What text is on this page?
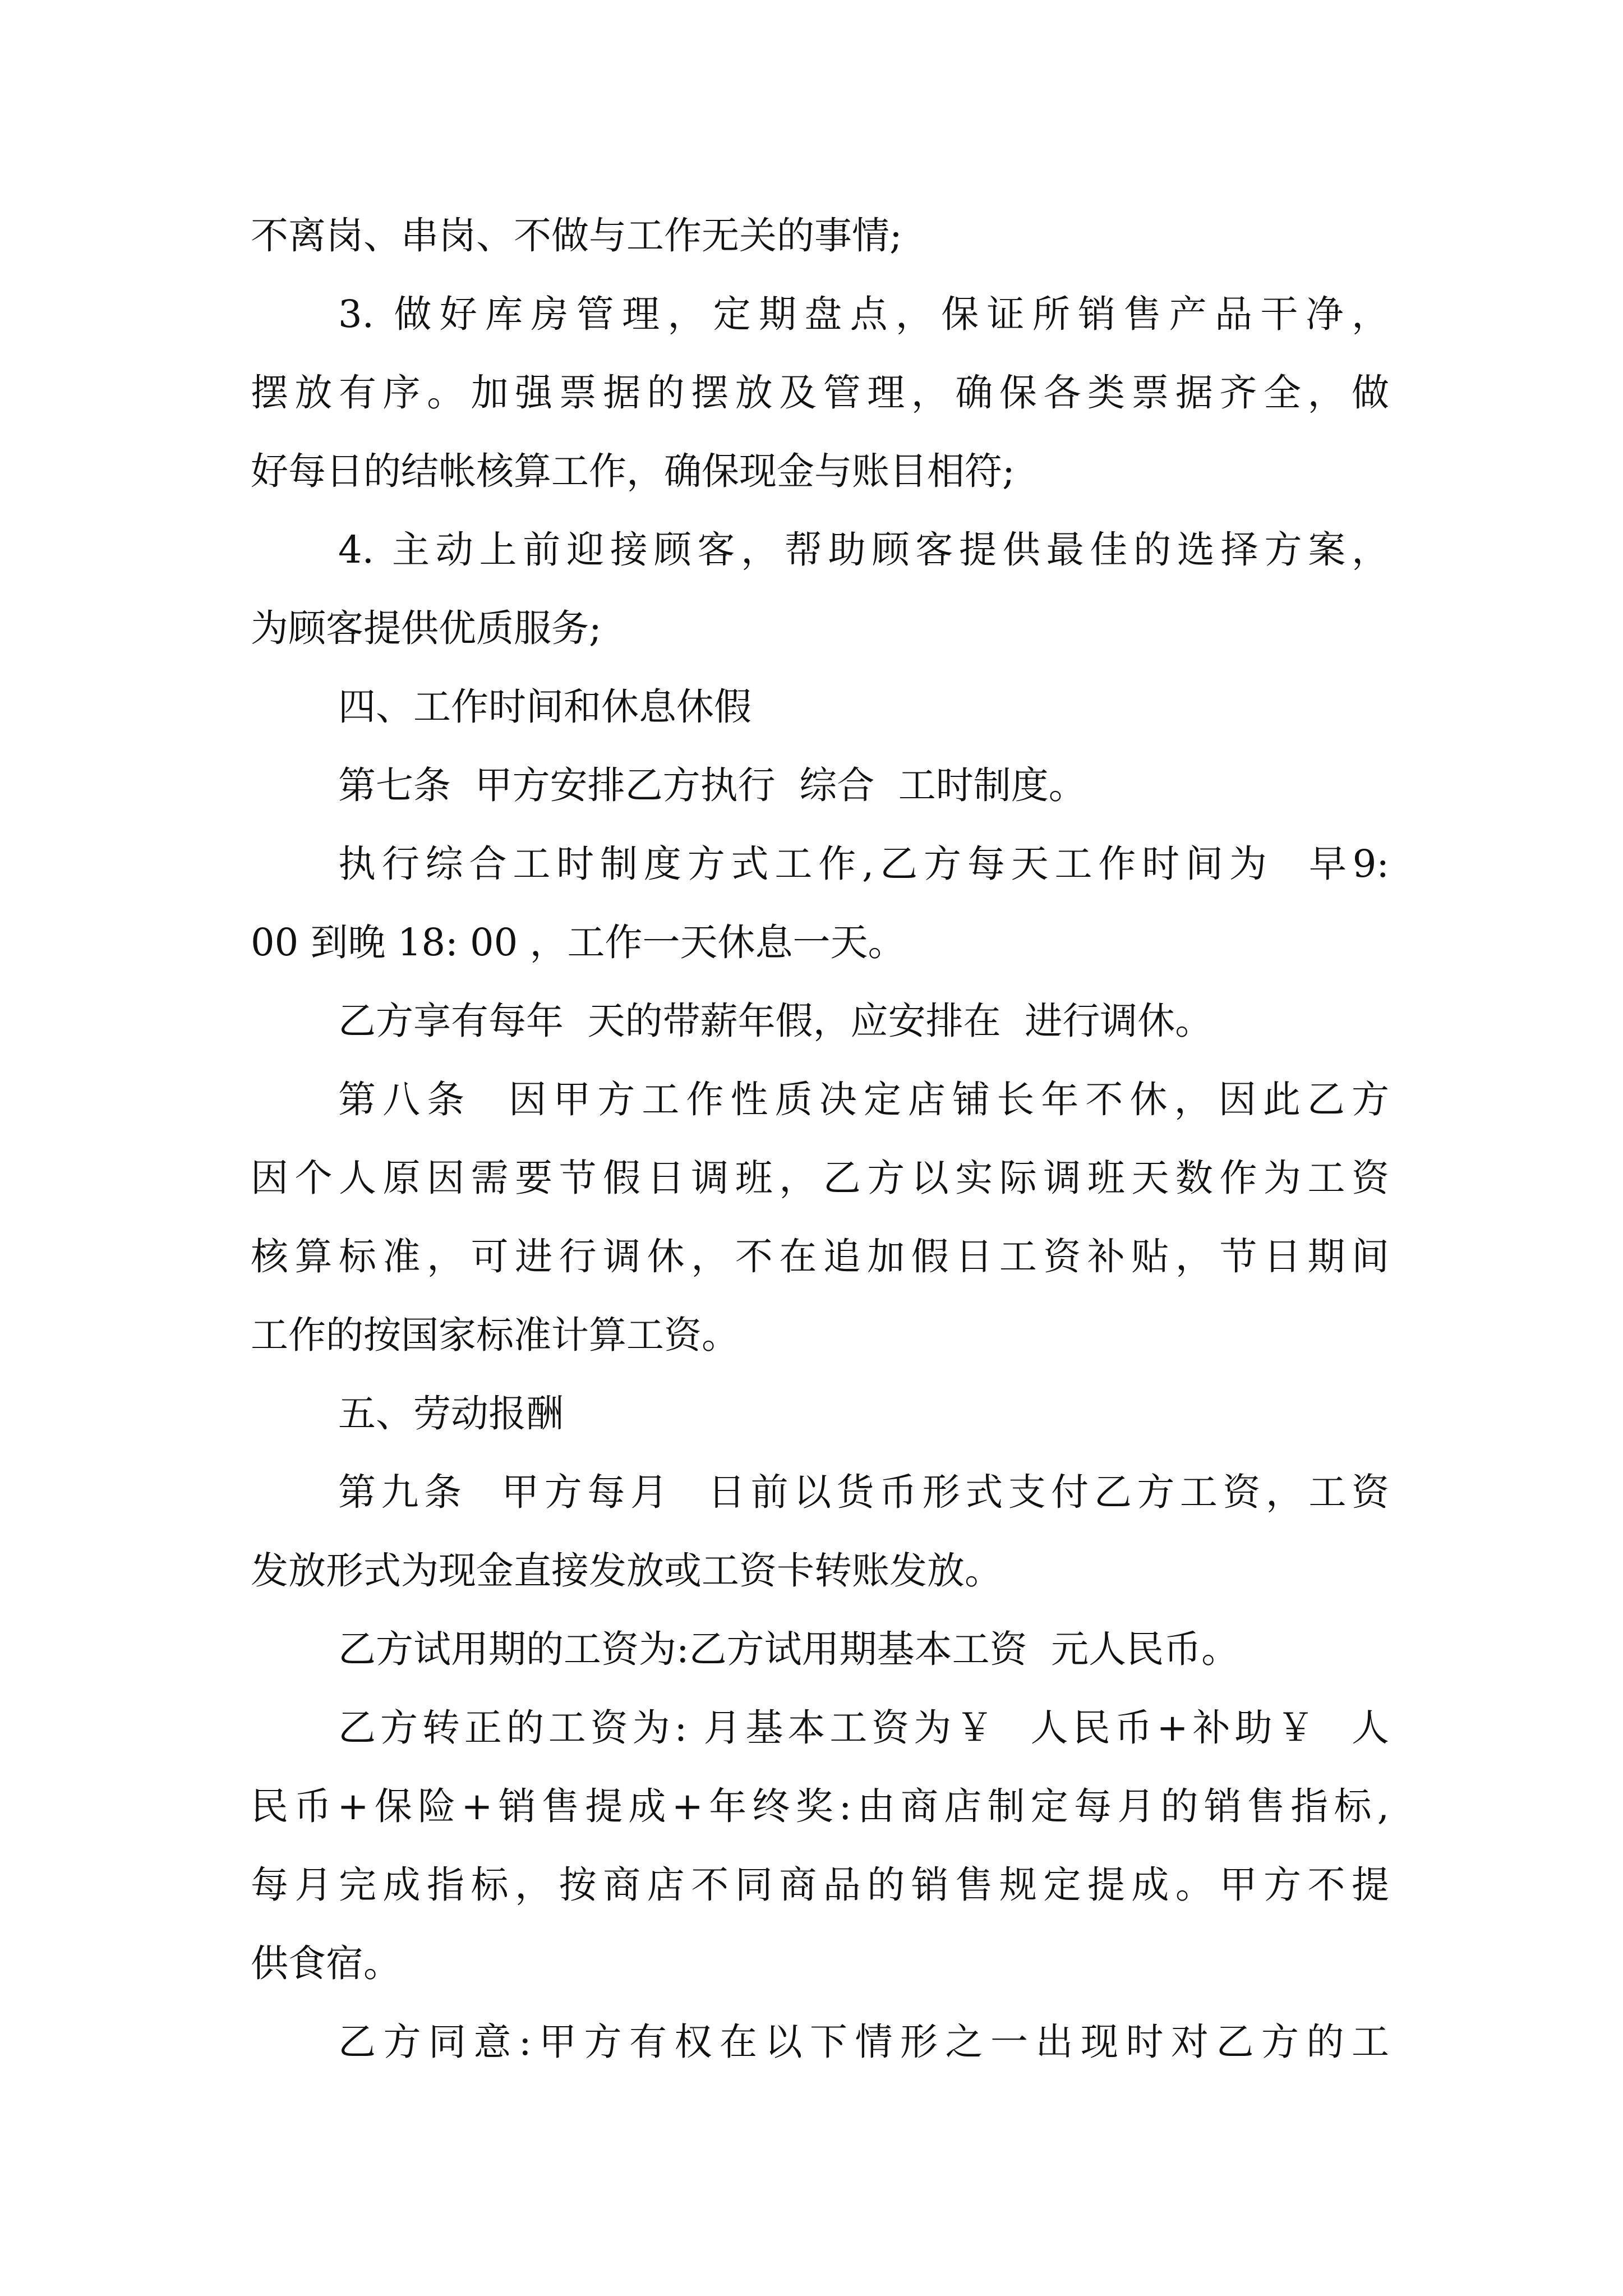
不离岗、串岗、不做与工作无关的事情;
3. 做好库房管理，定期盘点，保证所销售产品干净，
摆放有序。加强票据的摆放及管理，确保各类票据齐全，做
好每日的结帐核算工作，确保现金与账目相符;
4. 主动上前迎接顾客，帮助顾客提供最佳的选择方案，
为顾客提供优质服务;
四、工作时间和休息休假
第七条  甲方安排乙方执行  综合  工时制度。
执行综合工时制度方式工作,乙方每天工作时间为  早9:
00 到晚 18: 00 ，工作一天休息一天。
乙方享有每年  天的带薪年假，应安排在  进行调休。
第八条  因甲方工作性质决定店铺长年不休，因此乙方
因个人原因需要节假日调班，乙方以实际调班天数作为工资
核算标准，可进行调休，不在追加假日工资补贴，节日期间
工作的按国家标准计算工资。
五、劳动报酬
第九条  甲方每月  日前以货币形式支付乙方工资，工资
发放形式为现金直接发放或工资卡转账发放。
乙方试用期的工资为:乙方试用期基本工资  元人民币。
乙方转正的工资为: 月基本工资为￥  人民币+补助￥  人
民币+保险+销售提成+年终奖:由商店制定每月的销售指标,
每月完成指标，按商店不同商品的销售规定提成。甲方不提
供食宿。
乙方同意:甲方有权在以下情形之一出现时对乙方的工
